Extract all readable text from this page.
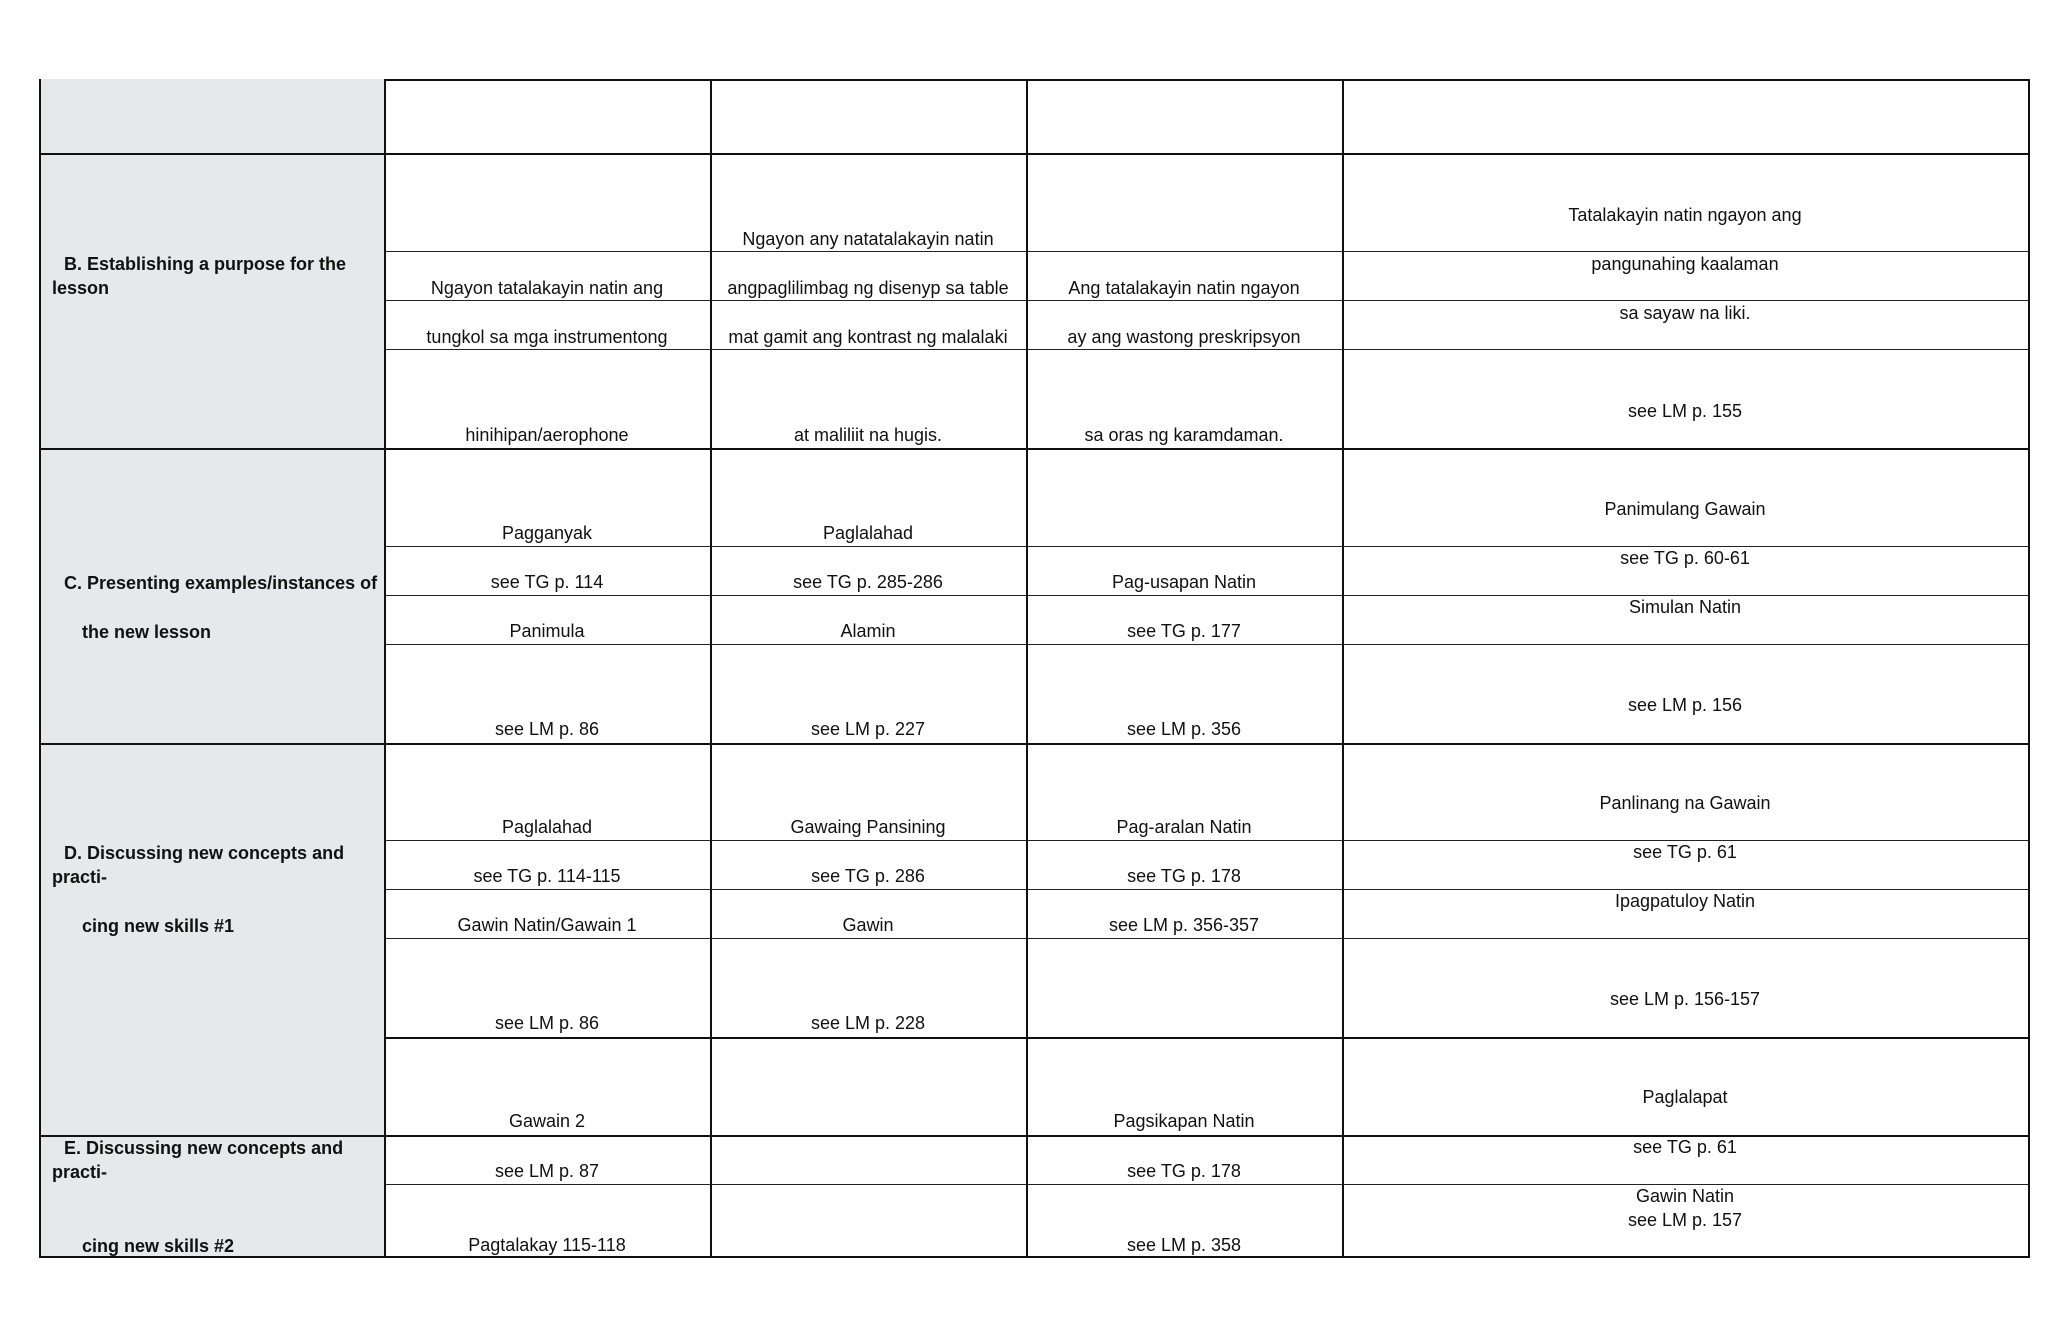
B. Establishing a purpose for the
lesson	Ngayon tatalakayin natin ang
tungkol sa mga instrumentong
hinihipan/aerophone
Ngayon any natatalakayin natin
angpaglilimbag ng disenyp sa table
mat gamit ang kontrast ng malalaki
at maliliit na hugis.
Ang tatalakayin natin ngayon
ay ang wastong preskripsyon
sa oras ng karamdaman.
Tatalakayin natin ngayon ang
pangunahing kaalaman
sa sayaw na liki.
see LM p. 155
C. Presenting examples/instances of
the new lesson
Pagganyak
see TG p. 114
Panimula
see LM p. 86
Paglalahad
see TG p. 285-286
Alamin
see LM p. 227
Pag-usapan Natin
see TG p. 177
see LM p. 356
Panimulang Gawain
see TG p. 60-61
Simulan Natin
see LM p. 156
D. Discussing new concepts and
practi-
cing new skills #1
Paglalahad
see TG p. 114-115
Gawin Natin/Gawain 1
see LM p. 86
Gawaing Pansining
see TG p. 286
Gawin
see LM p. 228
Pag-aralan Natin
see TG p. 178
see LM p. 356-357
Panlinang na Gawain
see TG p. 61
Ipagpatuloy Natin
see LM p. 156-157
E. Discussing new concepts and
practi-
cing new skills #2
Gawain 2
see LM p. 87
Pagtalakay 115-118
Pagsikapan Natin
see TG p. 178
see LM p. 358
Paglalapat
see TG p. 61
Gawin Natin
see LM p. 157
